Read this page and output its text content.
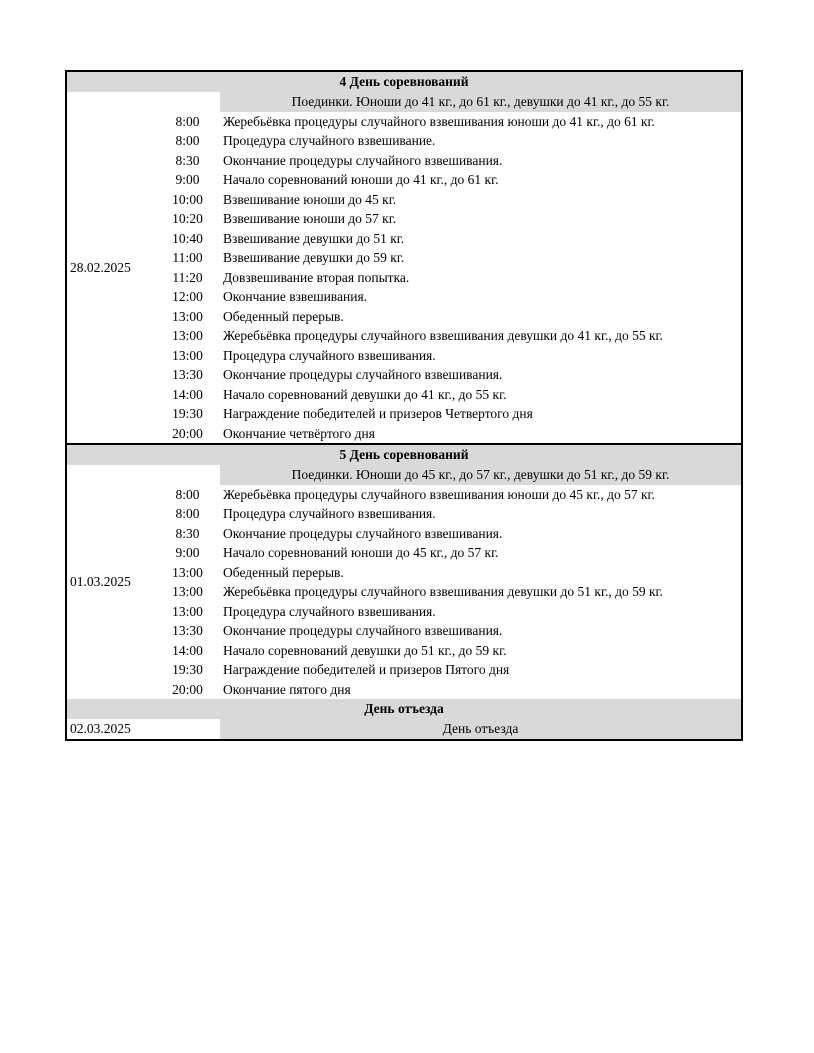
4 День соревнований
28.02.2025
Поединки. Юноши до 41 кг., до 61 кг., девушки до 41 кг., до 55 кг.
8:00	Жеребьёвка процедуры случайного взвешивания юноши до 41 кг., до 61 кг.
8:00	Процедура случайного взвешивание.
8:30	Окончание процедуры случайного взвешивания.
9:00	Начало соревнований юноши до 41 кг., до 61 кг.
10:00	Взвешивание юноши до 45 кг.
10:20	Взвешивание юноши до 57 кг.
10:40	Взвешивание девушки до 51 кг.
11:00	Взвешивание девушки до 59 кг.
11:20	Довзвешивание вторая попытка.
12:00	Окончание взвешивания.
13:00	Обеденный перерыв.
13:00	Жеребьёвка процедуры случайного взвешивания девушки до 41 кг., до 55 кг.
13:00	Процедура случайного взвешивания.
13:30	Окончание процедуры случайного взвешивания.
14:00	Начало соревнований девушки до 41 кг., до 55 кг.
19:30	Награждение победителей и призеров Четвертого дня
20:00	Окончание четвёртого дня
5 День соревнований
01.03.2025
Поединки. Юноши до 45 кг., до 57 кг., девушки до 51 кг., до 59 кг.
8:00	Жеребьёвка процедуры случайного взвешивания юноши до 45 кг., до 57 кг.
8:00	Процедура случайного взвешивания.
8:30	Окончание процедуры случайного взвешивания.
9:00	Начало соревнований юноши до 45 кг., до 57 кг.
13:00	Обеденный перерыв.
13:00	Жеребьёвка процедуры случайного взвешивания девушки до 51 кг., до 59 кг.
13:00	Процедура случайного взвешивания.
13:30	Окончание процедуры случайного взвешивания.
14:00	Начало соревнований девушки до 51 кг., до 59 кг.
19:30	Награждение победителей и призеров Пятого дня
20:00	Окончание пятого дня
День отъезда
02.03.2025	День отъезда
